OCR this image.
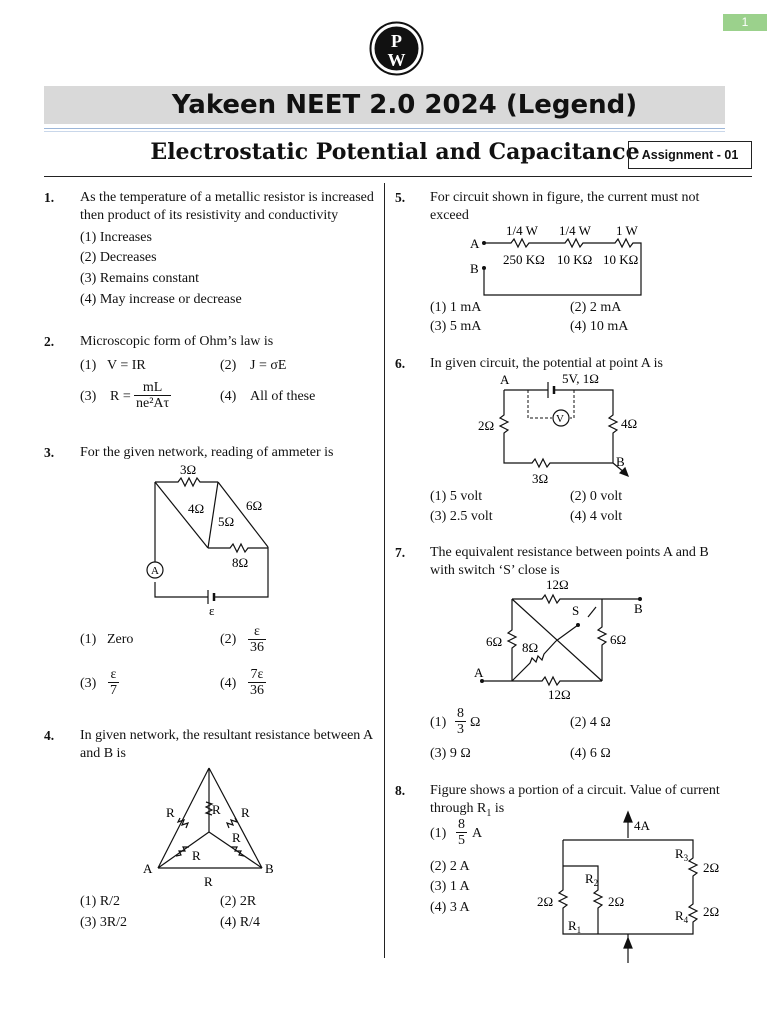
1
P
W
Yakeen NEET 2.0 2024 (Legend)
Electrostatic Potential and Capacitance Assignment - 01
1. As the temperature of a metallic resistor is increased then product of its resistivity and conductivity
(1) Increases
(2) Decreases
(3) Remains constant
(4) May increase or decrease
2. Microscopic form of Ohm’s law is
(1) V = IR	(2) J = σE
(3) $R = \frac{mL}{\text{ne²Aτ}}$	(4) All of these
3. For the given network, reading of ammeter is
3Ω
4Ω
5Ω
6Ω
8Ω
A
ε
(1) Zero	$(2) \frac{\varepsilon}{36}$
$(3) \frac{\varepsilon}{7}$	$(4) \frac{7\varepsilon}{36}$
4. In given network, the resultant resistance between A and B is
R	R R
R
R
R
A	B
(1) R/2	(2) 2R
(3) 3R/2	(4) R/4
5. For circuit shown in figure, the current must not exceed
1/4 W 1/4 W 1 W
250 KΩ 10 KΩ 10 KΩ
A
B
(1) 1 mA	(2) 2 mA
(3) 5 mA	(4) 10 mA
6. In given circuit, the potential at point A is
V
5V, 1Ω
2Ω	4Ω
3Ω
A
B
(1) 5 volt	(2) 0 volt
(3) 2.5 volt	(4) 4 volt
7. The equivalent resistance between points A and B with switch ‘S’ close is
12Ω
6Ω 8Ω
6Ω
12Ω
S
A
B
$(1) \frac{8}{3}$ Ω	(2) 4 Ω
(3) 9 Ω	(4) 6 Ω
8. Figure shows a portion of a circuit. Value of current through $R_1$ is
$(1) \frac{8}{5}$ A
(2) 2 A
(3) 1 A
(4) 3 A
4A
2Ω	2Ω
2Ω
2Ω
$R_1$
$R_2$
$R_3$
$R_4$
